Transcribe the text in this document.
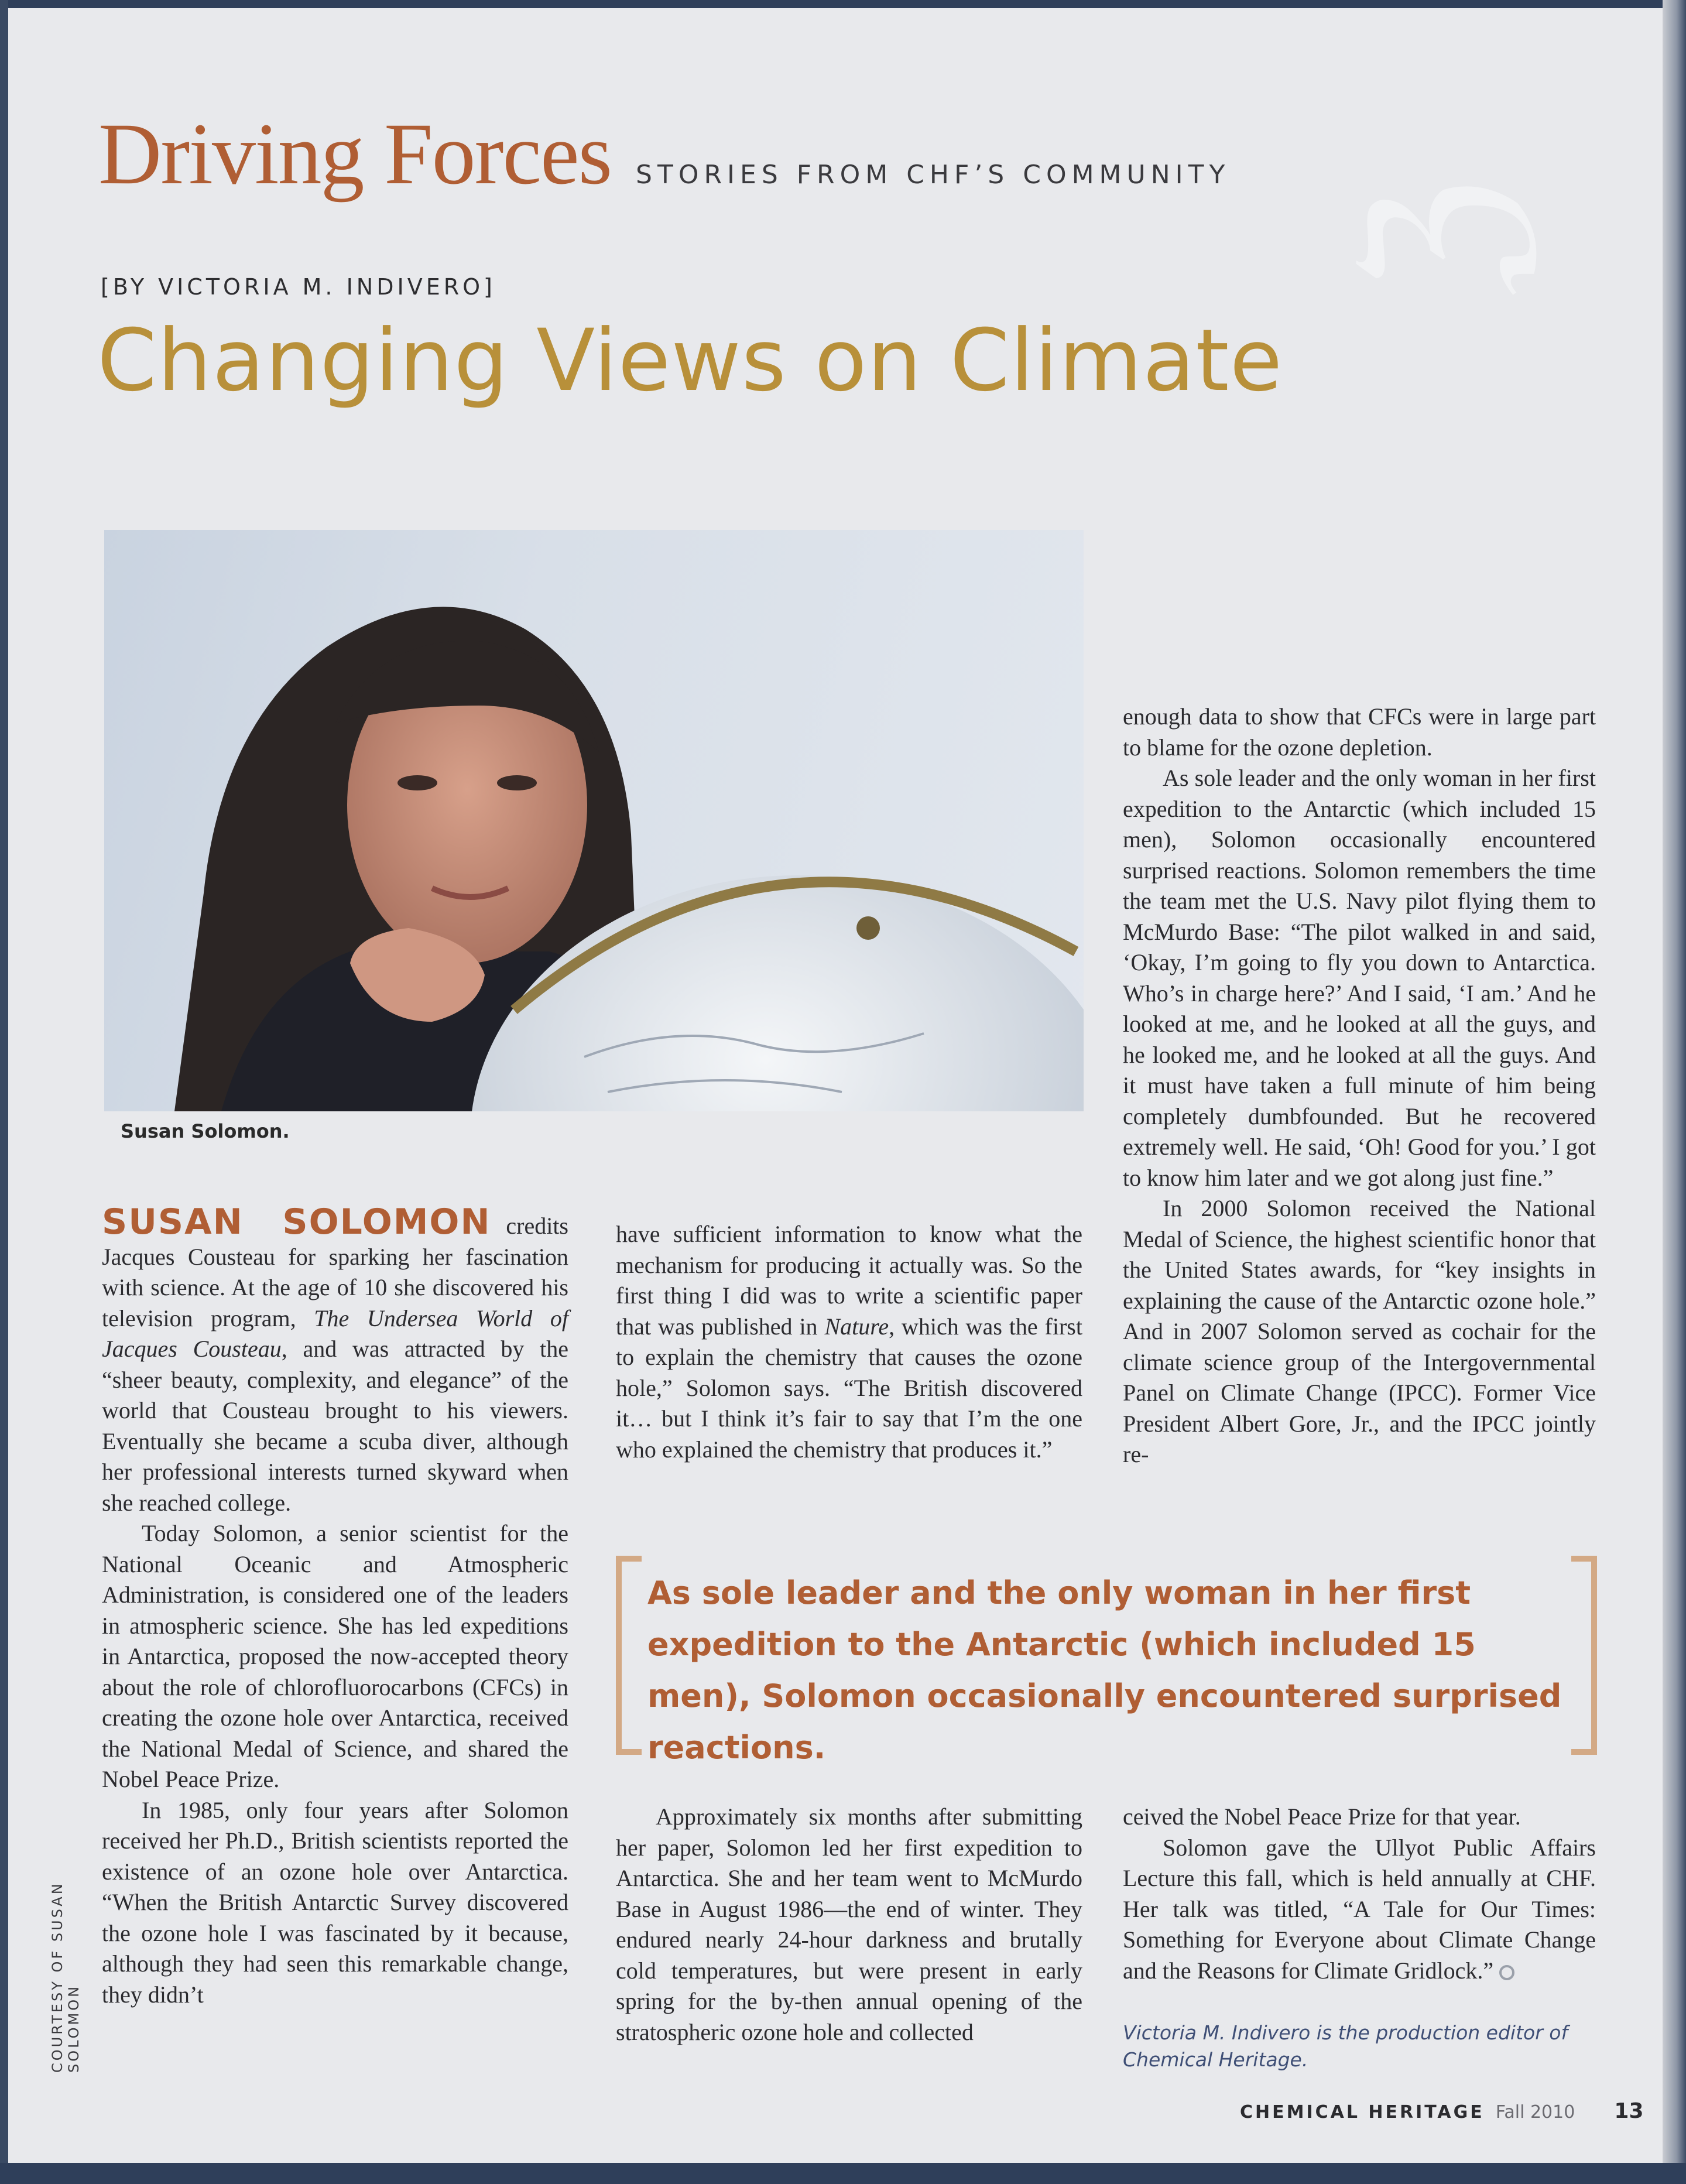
ℨ
Driving Forces STORIES FROM CHF’S COMMUNITY
[BY VICTORIA M. INDIVERO]
Changing Views on Climate
Susan Solomon.

SUSAN SOLOMON credits Jacques Cousteau for sparking her fascination with science. At the age of 10 she discovered his television program, The Undersea World of Jacques Cousteau, and was attracted by the “sheer beauty, complexity, and elegance” of the world that Cousteau brought to his viewers. Eventually she became a scuba diver, although her professional interests turned skyward when she reached college.

Today Solomon, a senior scientist for the National Oceanic and Atmospheric Administration, is considered one of the leaders in atmospheric science. She has led expeditions in Antarctica, proposed the now-accepted theory about the role of chlorofluorocarbons (CFCs) in creating the ozone hole over Antarctica, received the National Medal of Science, and shared the Nobel Peace Prize.

In 1985, only four years after Solomon received her Ph.D., British scientists reported the existence of an ozone hole over Antarctica. “When the British Antarctic Survey discovered the ozone hole I was fascinated by it because, although they had seen this remarkable change, they didn’t

have sufficient information to know what the mechanism for producing it actually was. So the first thing I did was to write a scientific paper that was published in Nature, which was the first to explain the chemistry that causes the ozone hole,” Solomon says. “The British discovered it… but I think it’s fair to say that I’m the one who explained the chemistry that produces it.”

enough data to show that CFCs were in large part to blame for the ozone depletion.

As sole leader and the only woman in her first expedition to the Antarctic (which included 15 men), Solomon occasionally encountered surprised reactions. Solomon remembers the time the team met the U.S. Navy pilot flying them to McMurdo Base: “The pilot walked in and said, ‘Okay, I’m going to fly you down to Antarctica. Who’s in charge here?’ And I said, ‘I am.’ And he looked at me, and he looked at all the guys, and he looked me, and he looked at all the guys. And it must have taken a full minute of him being completely dumbfounded. But he recovered extremely well. He said, ‘Oh! Good for you.’ I got to know him later and we got along just fine.”

In 2000 Solomon received the National Medal of Science, the highest scientific honor that the United States awards, for “key insights in explaining the cause of the Antarctic ozone hole.” And in 2007 Solomon served as cochair for the climate science group of the Intergovernmental Panel on Climate Change (IPCC). Former Vice President Albert Gore, Jr., and the IPCC jointly re-

As sole leader and the only woman in her first expedition to the Antarctic (which included 15 men), Solomon occasionally encountered surprised reactions.

Approximately six months after submitting her paper, Solomon led her first expedition to Antarctica. She and her team went to McMurdo Base in August 1986—the end of winter. They endured nearly 24-hour darkness and brutally cold temperatures, but were present in early spring for the by-then annual opening of the stratospheric ozone hole and collected

ceived the Nobel Peace Prize for that year.

Solomon gave the Ullyot Public Affairs Lecture this fall, which is held annually at CHF. Her talk was titled, “A Tale for Our Times: Something for Everyone about Climate Change and the Reasons for Climate Gridlock.”

Victoria M. Indivero is the production editor of Chemical Heritage.
COURTESY OF SUSAN SOLOMON
CHEMICAL HERITAGE Fall 2010 13
